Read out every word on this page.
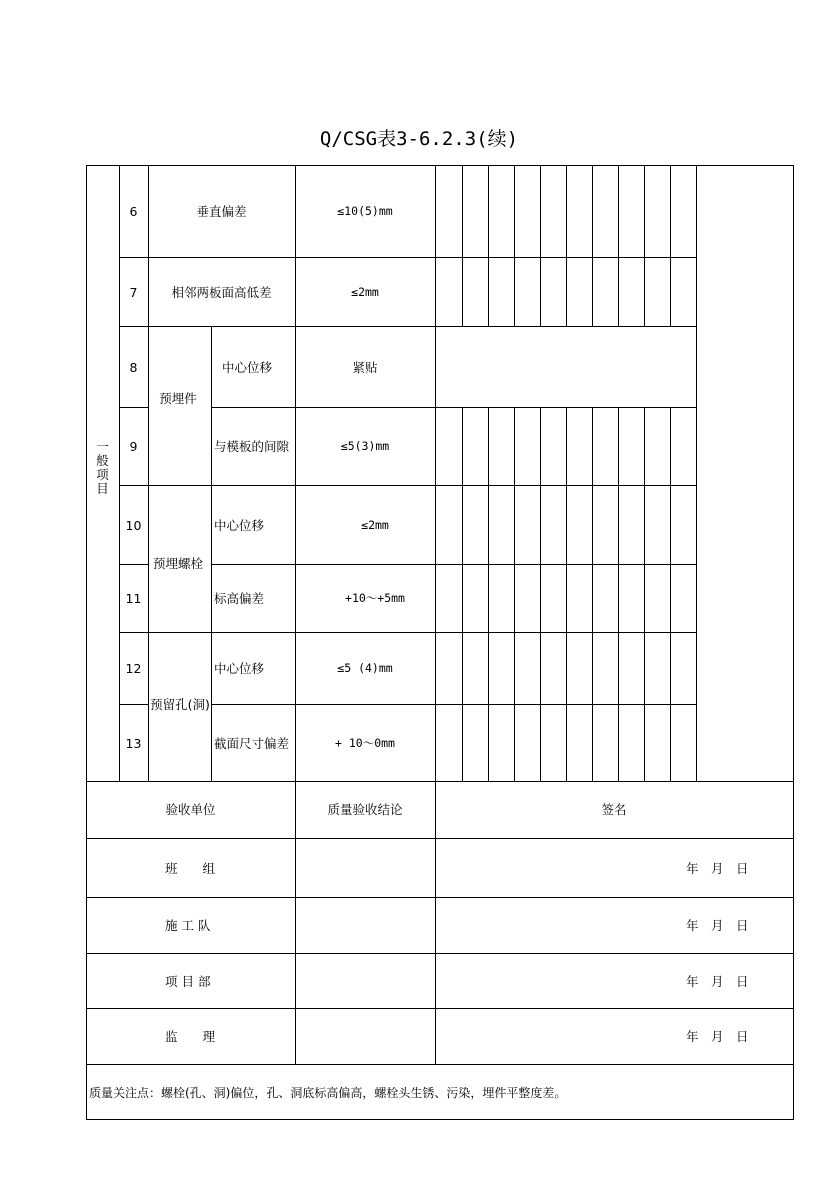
Q/CSG表3-6.2.3(续)
一般项目
6
7
8
9
10
11
12
13
垂直偏差
相邻两板面高低差
预埋件
预埋螺栓
预留孔(洞)
中心位移
与模板的间隙
中心位移
标高偏差
中心位移
截面尺寸偏差
≤10(5)mm
≤2mm
紧贴
≤5(3)mm
≤2mm
+10～+5mm
≤5 (4)mm
+ 10～0mm
验收单位	质量验收结论	签名
班　　组
施 工 队
项 目 部
监　　理
年　月　日
年　月　日
年　月　日
年　月　日
质量关注点：螺栓(孔、洞)偏位，孔、洞底标高偏高，螺栓头生锈、污染，埋件平整度差。
